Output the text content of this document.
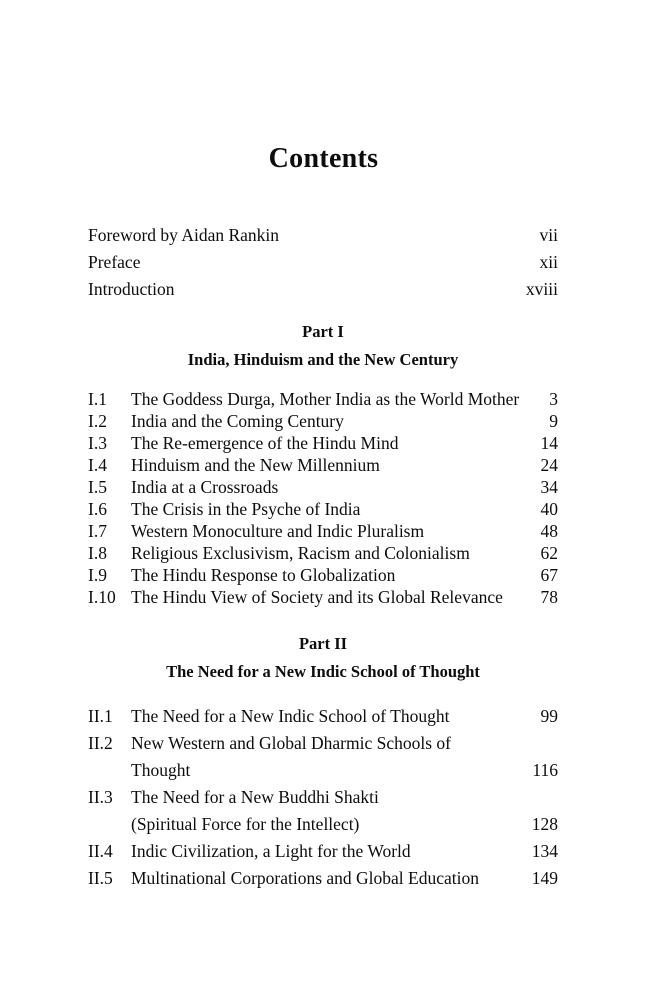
Contents
Foreword by Aidan Rankin	vii
Preface	xii
Introduction	xviii
Part I
India, Hinduism and the New Century
I.1	The Goddess Durga, Mother India as the World Mother	3
I.2	India and the Coming Century	9
I.3	The Re-emergence of the Hindu Mind	14
I.4	Hinduism and the New Millennium	24
I.5	India at a Crossroads	34
I.6	The Crisis in the Psyche of India	40
I.7	Western Monoculture and Indic Pluralism	48
I.8	Religious Exclusivism, Racism and Colonialism	62
I.9	The Hindu Response to Globalization	67
I.10 The Hindu View of Society and its Global Relevance	78
Part II
The Need for a New Indic School of Thought
II.1	The Need for a New Indic School of Thought	99
II.2	New Western and Global Dharmic Schools of
Thought	116
II.3	The Need for a New Buddhi Shakti
(Spiritual Force for the Intellect)	128
II.4	Indic Civilization, a Light for the World	134
II.5	Multinational Corporations and Global Education	149
